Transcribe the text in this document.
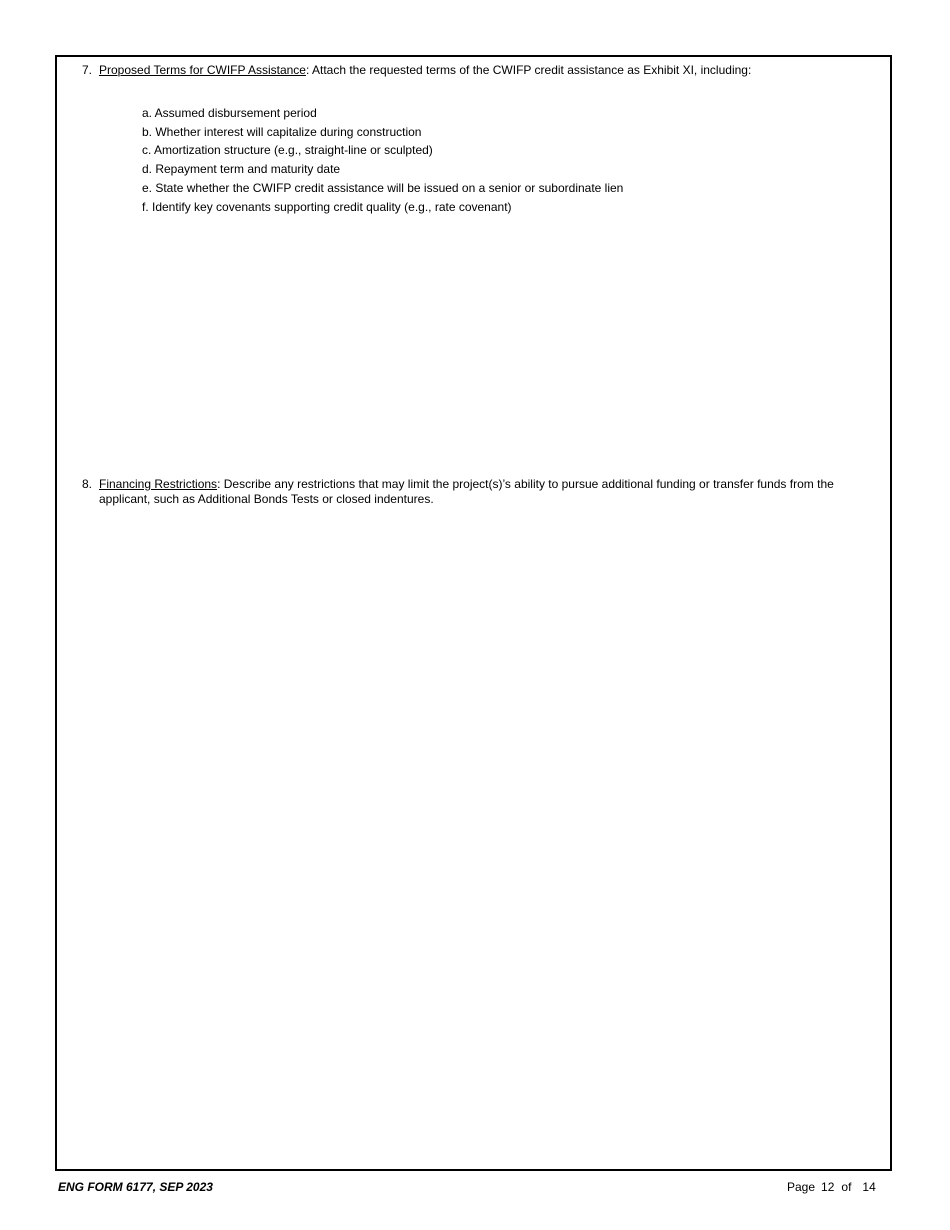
7. Proposed Terms for CWIFP Assistance: Attach the requested terms of the CWIFP credit assistance as Exhibit XI, including:
a. Assumed disbursement period
b. Whether interest will capitalize during construction
c. Amortization structure (e.g., straight-line or sculpted)
d. Repayment term and maturity date
e. State whether the CWIFP credit assistance will be issued on a senior or subordinate lien
f. Identify key covenants supporting credit quality (e.g., rate covenant)
8. Financing Restrictions: Describe any restrictions that may limit the project(s)’s ability to pursue additional funding or transfer funds from the applicant, such as Additional Bonds Tests or closed indentures.
ENG FORM 6177, SEP 2023	Page 12 of 14
